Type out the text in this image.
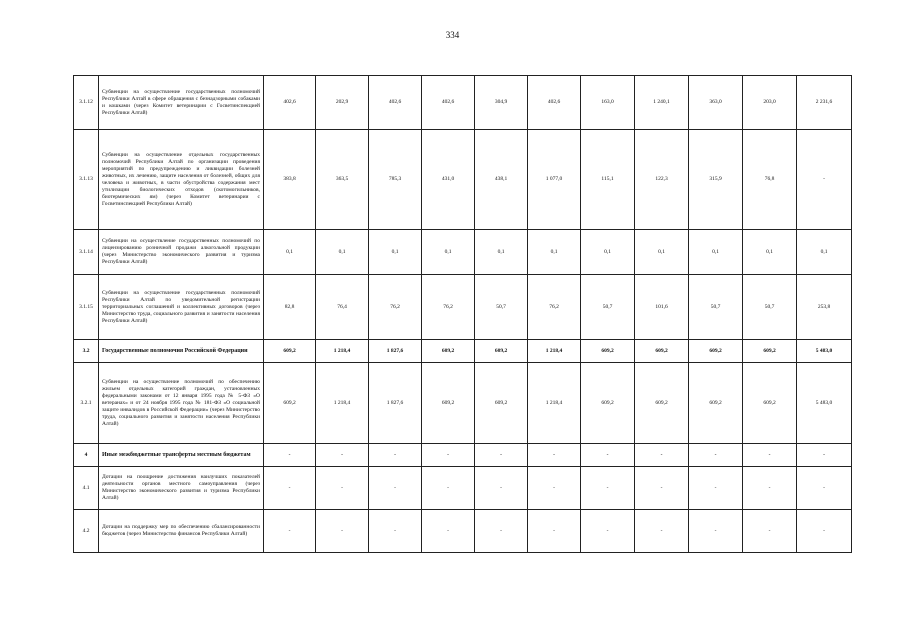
334
3.1.12	Субвенции на осуществление государственных полномочий Республики Алтай в сфере обращения с безнадзорными собаками и кошками (через Комитет ветеринарии с Госветинспекцией Республики Алтай)	402,6	202,9	402,6	402,6	304,9	402,6	163,0	1 240,1	363,0	203,0	2 231,6
3.1.13	Субвенции на осуществление отдельных государственных полномочий Республики Алтай по организации проведения мероприятий по предупреждению и ликвидации болезней животных, их лечению, защите населения от болезней, общих для человека и животных, в части обустройства содержания мест утилизации биологических отходов (скотомогильников, биотермических ям) (через Комитет ветеринарии с Госветинспекцией Республики Алтай)	383,8	363,5	785,3	431,0	438,1	1 077,0	115,1	122,3	315,9	76,8	-
3.1.14	Субвенции на осуществление государственных полномочий по лицензированию розничной продажи алкогольной продукции (через Министерство экономического развития и туризма Республики Алтай)	0,1	0,1	0,1	0,1	0,1	0,1	0,1	0,1	0,1	0,1	0,1
3.1.15	Субвенции на осуществление государственных полномочий Республики Алтай по уведомительной регистрации территориальных соглашений и коллективных договоров (через Министерство труда, социального развития и занятости населения Республики Алтай)	82,8	76,4	76,2	76,2	50,7	76,2	50,7	101,6	50,7	50,7	253,8
3.2	Государственные полномочия Российской Федерации	609,2	1 218,4	1 827,6	609,2	609,2	1 218,4	609,2	609,2	609,2	609,2	5 483,0
3.2.1	Субвенции на осуществление полномочий по обеспечению жильем отдельных категорий граждан, установленных федеральными законами от 12 января 1995 года № 5-ФЗ «О ветеранах» и от 24 ноября 1995 года № 181-ФЗ «О социальной защите инвалидов в Российской Федерации» (через Министерство труда, социального развития и занятости населения Республики Алтай)	609,2	1 218,4	1 827,6	609,2	609,2	1 218,4	609,2	609,2	609,2	609,2	5 483,0
4	Иные межбюджетные трансферты местным бюджетам	-	-	-	-	-	-	-	-	-	-	-
4.1	Дотации на поощрение достижения наилучших показателей деятельности органов местного самоуправления (через Министерство экономического развития и туризма Республики Алтай)	-	-	-	-	-	-	-	-	-	-	-
4.2	Дотации на поддержку мер по обеспечению сбалансированности бюджетов (через Министерство финансов Республики Алтай)	-	-	-	-	-	-	-	-	-	-	-
